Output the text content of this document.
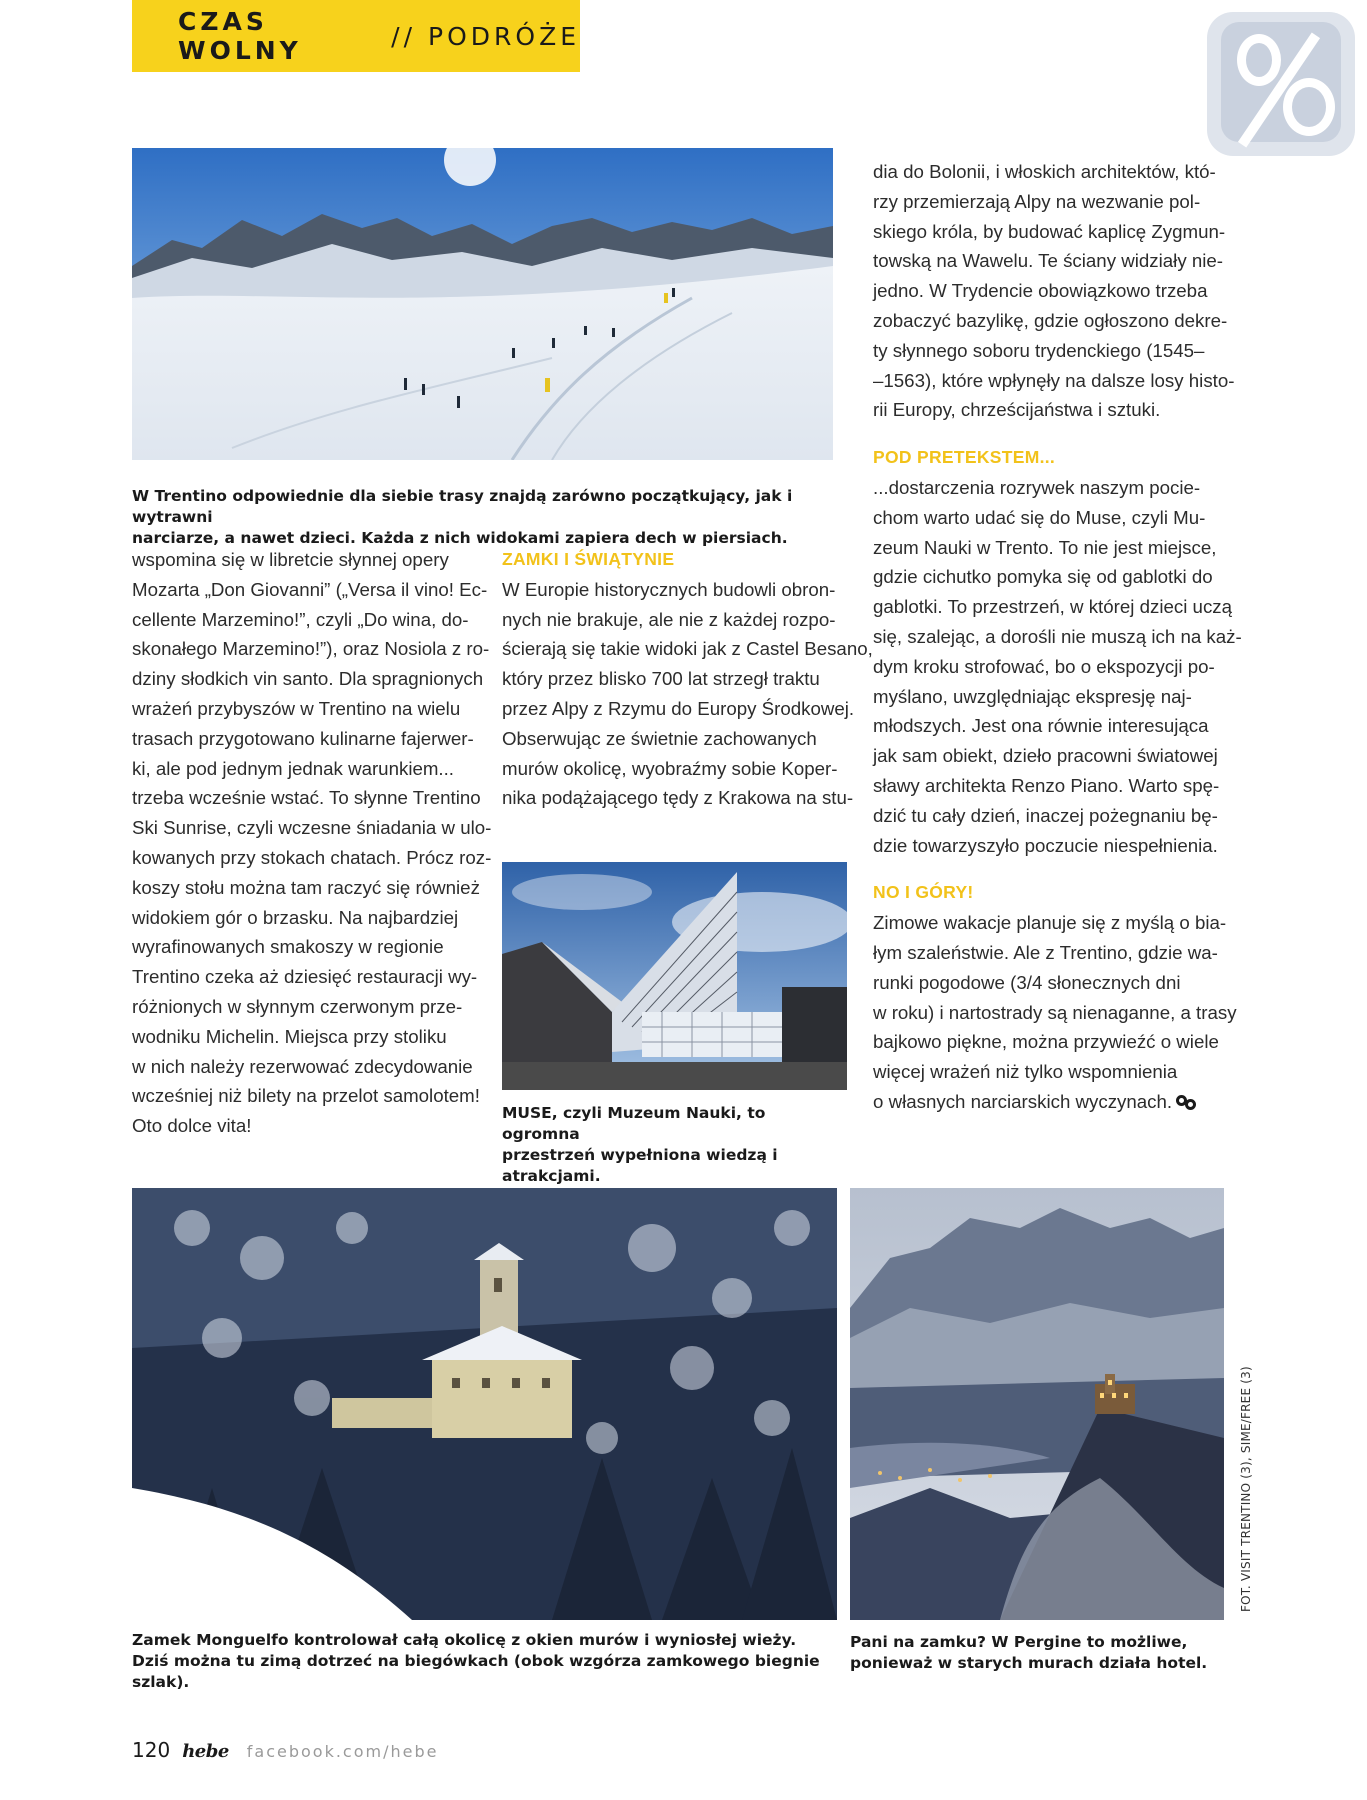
CZAS WOLNY	// PODRÓŻE
W Trentino odpowiednie dla siebie trasy znajdą zarówno początkujący, jak i wytrawni
narciarze, a nawet dzieci. Każda z nich widokami zapiera dech w piersiach.
wspomina się w libretcie słynnej opery
Mozarta „Don Giovanni” („Versa il vino! Ec-
cellente Marzemino!”, czyli „Do wina, do-
skonałego Marzemino!”), oraz Nosiola z ro-
dziny słodkich vin santo. Dla spragnionych
wrażeń przybyszów w Trentino na wielu
trasach przygotowano kulinarne fajerwer-
ki, ale pod jednym jednak warunkiem...
trzeba wcześnie wstać. To słynne Trentino
Ski Sunrise, czyli wczesne śniadania w ulo-
kowanych przy stokach chatach. Prócz roz-
koszy stołu można tam raczyć się również
widokiem gór o brzasku. Na najbardziej
wyrafinowanych smakoszy w regionie
Trentino czeka aż dziesięć restauracji wy-
różnionych w słynnym czerwonym prze-
wodniku Michelin. Miejsca przy stoliku
w nich należy rezerwować zdecydowanie
wcześniej niż bilety na przelot samolotem!
Oto dolce vita!
ZAMKI I ŚWIĄTYNIE
W Europie historycznych budowli obron-
nych nie brakuje, ale nie z każdej rozpo-
ścierają się takie widoki jak z Castel Besano,
który przez blisko 700 lat strzegł traktu
przez Alpy z Rzymu do Europy Środkowej.
Obserwując ze świetnie zachowanych
murów okolicę, wyobraźmy sobie Koper-
nika podążającego tędy z Krakowa na stu-
MUSE, czyli Muzeum Nauki, to ogromna
przestrzeń wypełniona wiedzą i atrakcjami.
dia do Bolonii, i włoskich architektów, któ-
rzy przemierzają Alpy na wezwanie pol-
skiego króla, by budować kaplicę Zygmun-
towską na Wawelu. Te ściany widziały nie-
jedno. W Trydencie obowiązkowo trzeba
zobaczyć bazylikę, gdzie ogłoszono dekre-
ty słynnego soboru trydenckiego (1545–
–1563), które wpłynęły na dalsze losy histo-
rii Europy, chrześcijaństwa i sztuki.
POD PRETEKSTEM...
...dostarczenia rozrywek naszym pocie-
chom warto udać się do Muse, czyli Mu-
zeum Nauki w Trento. To nie jest miejsce,
gdzie cichutko pomyka się od gablotki do
gablotki. To przestrzeń, w której dzieci uczą
się, szalejąc, a dorośli nie muszą ich na każ-
dym kroku strofować, bo o ekspozycji po-
myślano, uwzględniając ekspresję naj-
młodszych. Jest ona równie interesująca
jak sam obiekt, dzieło pracowni światowej
sławy architekta Renzo Piano. Warto spę-
dzić tu cały dzień, inaczej pożegnaniu bę-
dzie towarzyszyło poczucie niespełnienia.
NO I GÓRY!
Zimowe wakacje planuje się z myślą o bia-
łym szaleństwie. Ale z Trentino, gdzie wa-
runki pogodowe (3/4 słonecznych dni
w roku) i nartostrady są nienaganne, a trasy
bajkowo piękne, można przywieźć o wiele
więcej wrażeń niż tylko wspomnienia
o własnych narciarskich wyczynach.
Zamek Monguelfo kontrolował całą okolicę z okien murów i wyniosłej wieży.
Dziś można tu zimą dotrzeć na biegówkach (obok wzgórza zamkowego biegnie szlak).
Pani na zamku? W Pergine to możliwe,
ponieważ w starych murach działa hotel.
FOT. VISIT TRENTINO (3), SIME/FREE (3)
120 hebe facebook.com/hebe
